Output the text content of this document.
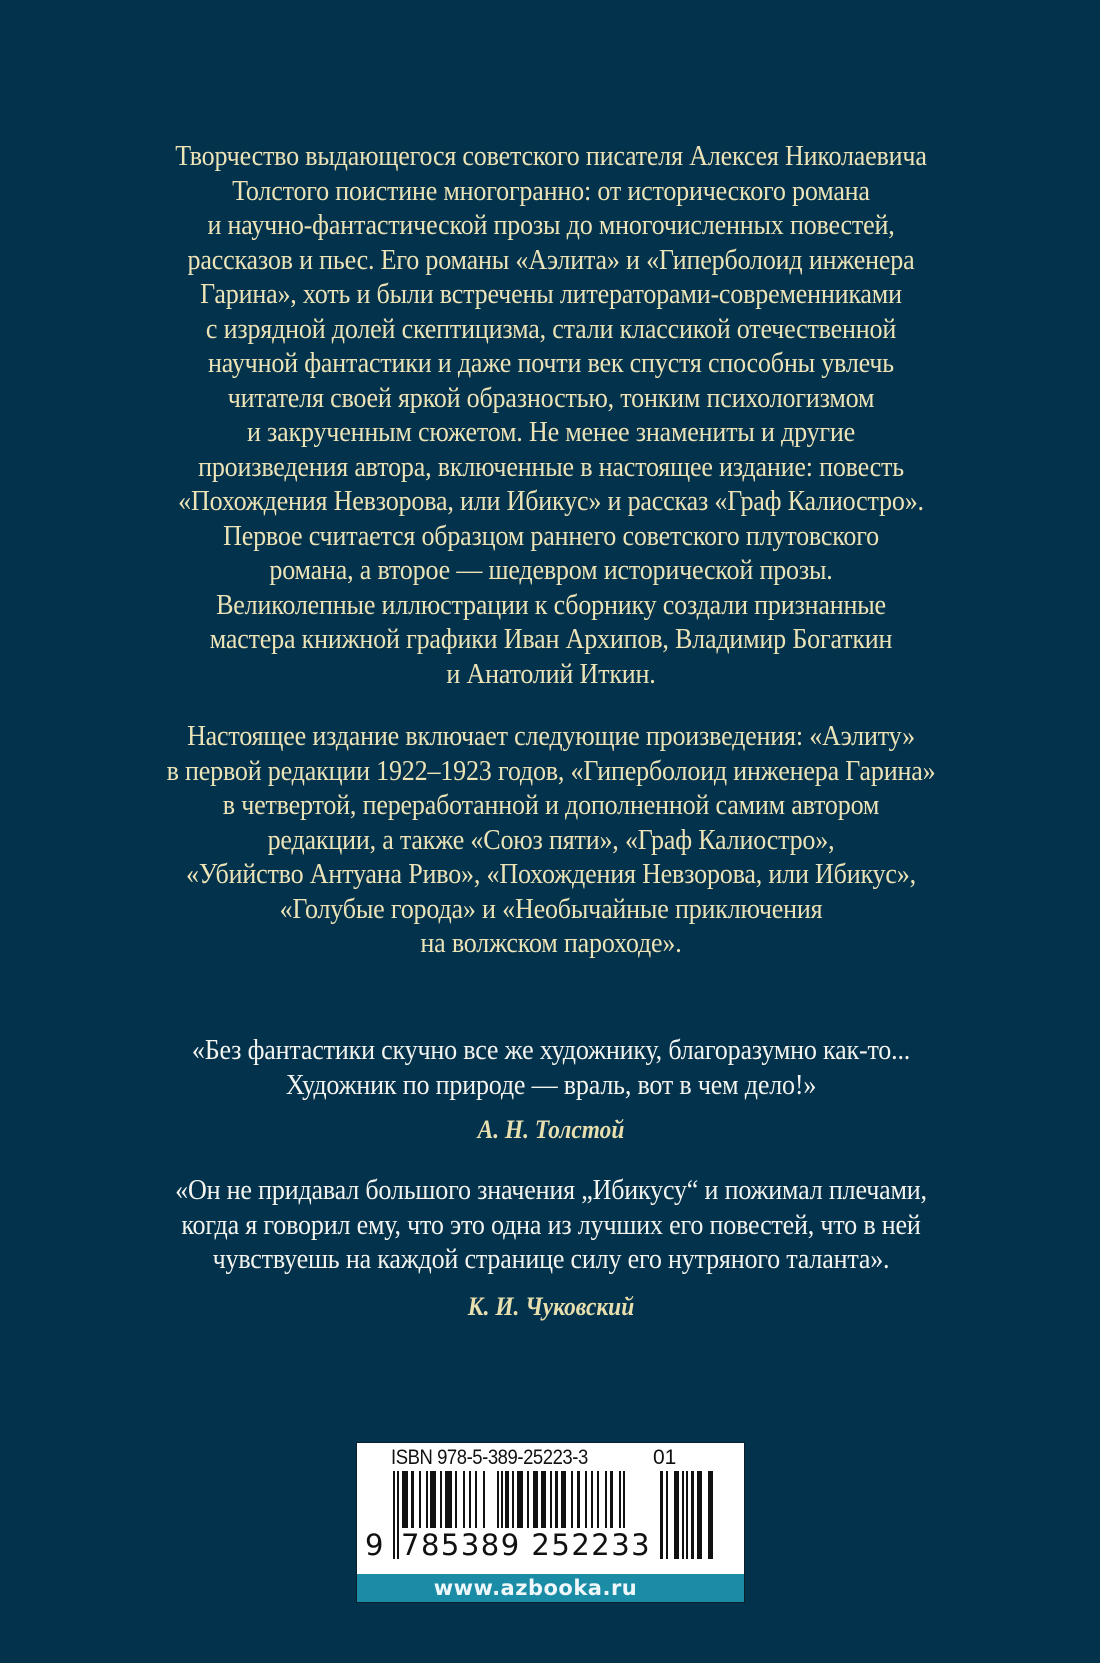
Творчество выдающегося советского писателя Алексея Николаевича
Толстого поистине многогранно: от исторического романа
и научно-фантастической прозы до многочисленных повестей,
рассказов и пьес. Его романы «Аэлита» и «Гиперболоид инженера
Гарина», хоть и были встречены литераторами-современниками
с изрядной долей скептицизма, стали классикой отечественной
научной фантастики и даже почти век спустя способны увлечь
читателя своей яркой образностью, тонким психологизмом
и закрученным сюжетом. Не менее знамениты и другие
произведения автора, включенные в настоящее издание: повесть
«Похождения Невзорова, или Ибикус» и рассказ «Граф Калиостро».
Первое считается образцом раннего советского плутовского
романа, а второе — шедевром исторической прозы.
Великолепные иллюстрации к сборнику создали признанные
мастера книжной графики Иван Архипов, Владимир Богаткин
и Анатолий Иткин.
Настоящее издание включает следующие произведения: «Аэлиту»
в первой редакции 1922–1923 годов, «Гиперболоид инженера Гарина»
в четвертой, переработанной и дополненной самим автором
редакции, а также «Союз пяти», «Граф Калиостро»,
«Убийство Антуана Риво», «Похождения Невзорова, или Ибикус»,
«Голубые города» и «Необычайные приключения
на волжском пароходе».
«Без фантастики скучно все же художнику, благоразумно как-то...
Художник по природе — враль, вот в чем дело!»
А. Н. Толстой
«Он не придавал большого значения „Ибикусу“ и пожимал плечами,
когда я говорил ему, что это одна из лучших его повестей, что в ней
чувствуешь на каждой странице силу его нутряного таланта».
К. И. Чуковский
ISBN 978-5-389-25223-3	01
9 785389 252233
www.azbooka.ru
